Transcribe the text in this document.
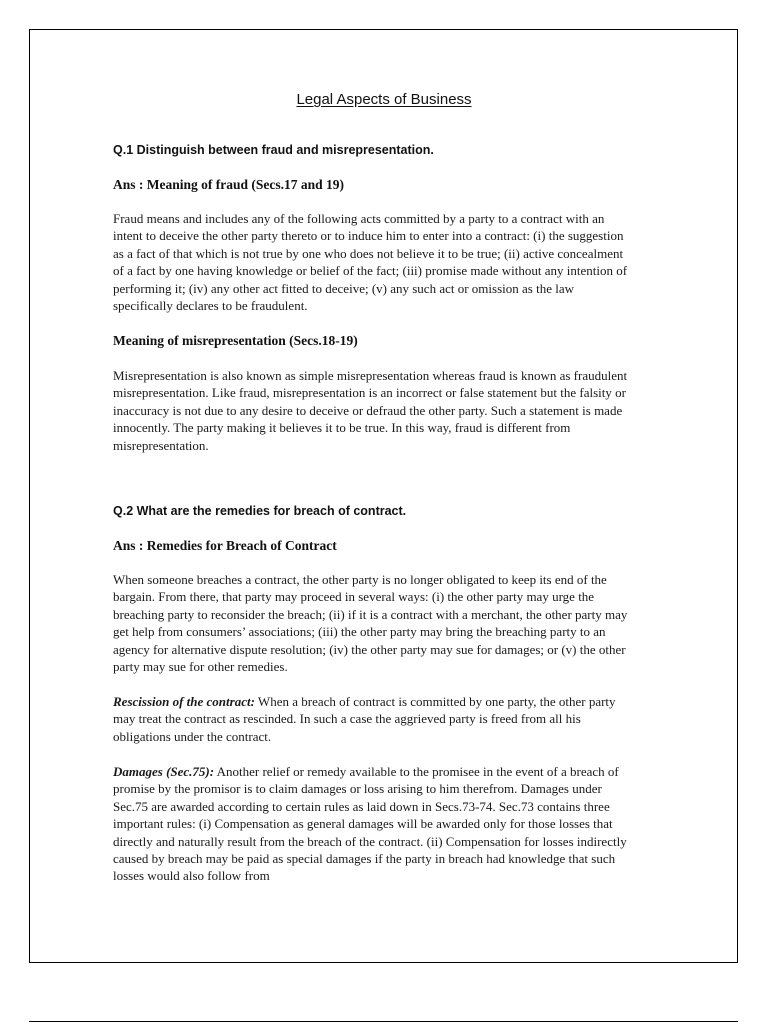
Legal Aspects of Business
Q.1 Distinguish between fraud and misrepresentation.
Ans : Meaning of fraud (Secs.17 and 19)

Fraud means and includes any of the following acts committed by a party to a contract with an intent to deceive the other party thereto or to induce him to enter into a contract: (i) the suggestion as a fact of that which is not true by one who does not believe it to be true; (ii) active concealment of a fact by one having knowledge or belief of the fact; (iii) promise made without any intention of performing it; (iv) any other act fitted to deceive; (v) any such act or omission as the law specifically declares to be fraudulent.

Meaning of misrepresentation (Secs.18-19)

Misrepresentation is also known as simple misrepresentation whereas fraud is known as fraudulent misrepresentation. Like fraud, misrepresentation is an incorrect or false statement but the falsity or inaccuracy is not due to any desire to deceive or defraud the other party. Such a statement is made innocently. The party making it believes it to be true. In this way, fraud is different from misrepresentation.

Q.2 What are the remedies for breach of contract.
Ans : Remedies for Breach of Contract

When someone breaches a contract, the other party is no longer obligated to keep its end of the bargain. From there, that party may proceed in several ways: (i) the other party may urge the breaching party to reconsider the breach; (ii) if it is a contract with a merchant, the other party may get help from consumers’ associations; (iii) the other party may bring the breaching party to an agency for alternative dispute resolution; (iv) the other party may sue for damages; or (v) the other party may sue for other remedies.

Rescission of the contract: When a breach of contract is committed by one party, the other party may treat the contract as rescinded. In such a case the aggrieved party is freed from all his obligations under the contract.

Damages (Sec.75): Another relief or remedy available to the promisee in the event of a breach of promise by the promisor is to claim damages or loss arising to him therefrom. Damages under Sec.75 are awarded according to certain rules as laid down in Secs.73-74. Sec.73 contains three important rules: (i) Compensation as general damages will be awarded only for those losses that directly and naturally result from the breach of the contract. (ii) Compensation for losses indirectly caused by breach may be paid as special damages if the party in breach had knowledge that such losses would also follow from
